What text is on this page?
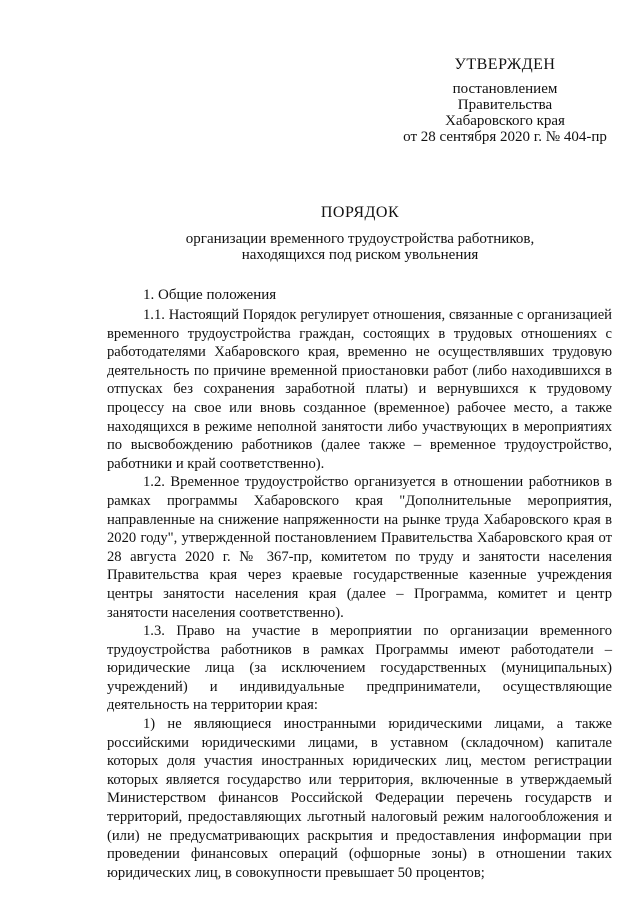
УТВЕРЖДЕН
постановлением
Правительства
Хабаровского края
от 28 сентября 2020 г. № 404-пр
ПОРЯДОК
организации временного трудоустройства работников,
находящихся под риском увольнения
1. Общие положения

1.1. Настоящий Порядок регулирует отношения, связанные с организацией временного трудоустройства граждан, состоящих в трудовых отношениях с работодателями Хабаровского края, временно не осуществлявших трудовую деятельность по причине временной приостановки работ (либо находившихся в отпусках без сохранения заработной платы) и вернувшихся к трудовому процессу на свое или вновь созданное (временное) рабочее место, а также находящихся в режиме неполной занятости либо участвующих в мероприятиях по высвобождению работников (далее также – временное трудоустройство, работники и край соответственно).

1.2. Временное трудоустройство организуется в отношении работников в рамках программы Хабаровского края "Дополнительные мероприятия, направленные на снижение напряженности на рынке труда Хабаровского края в 2020 году", утвержденной постановлением Правительства Хабаровского края от 28 августа 2020 г. № 367-пр, комитетом по труду и занятости населения Правительства края через краевые государственные казенные учреждения центры занятости населения края (далее – Программа, комитет и центр занятости населения соответственно).

1.3. Право на участие в мероприятии по организации временного трудоустройства работников в рамках Программы имеют работодатели – юридические лица (за исключением государственных (муниципальных) учреждений) и индивидуальные предприниматели, осуществляющие деятельность на территории края:

1) не являющиеся иностранными юридическими лицами, а также российскими юридическими лицами, в уставном (складочном) капитале которых доля участия иностранных юридических лиц, местом регистрации которых является государство или территория, включенные в утверждаемый Министерством финансов Российской Федерации перечень государств и территорий, предоставляющих льготный налоговый режим налогообложения и (или) не предусматривающих раскрытия и предоставления информации при проведении финансовых операций (офшорные зоны) в отношении таких юридических лиц, в совокупности превышает 50 процентов;
